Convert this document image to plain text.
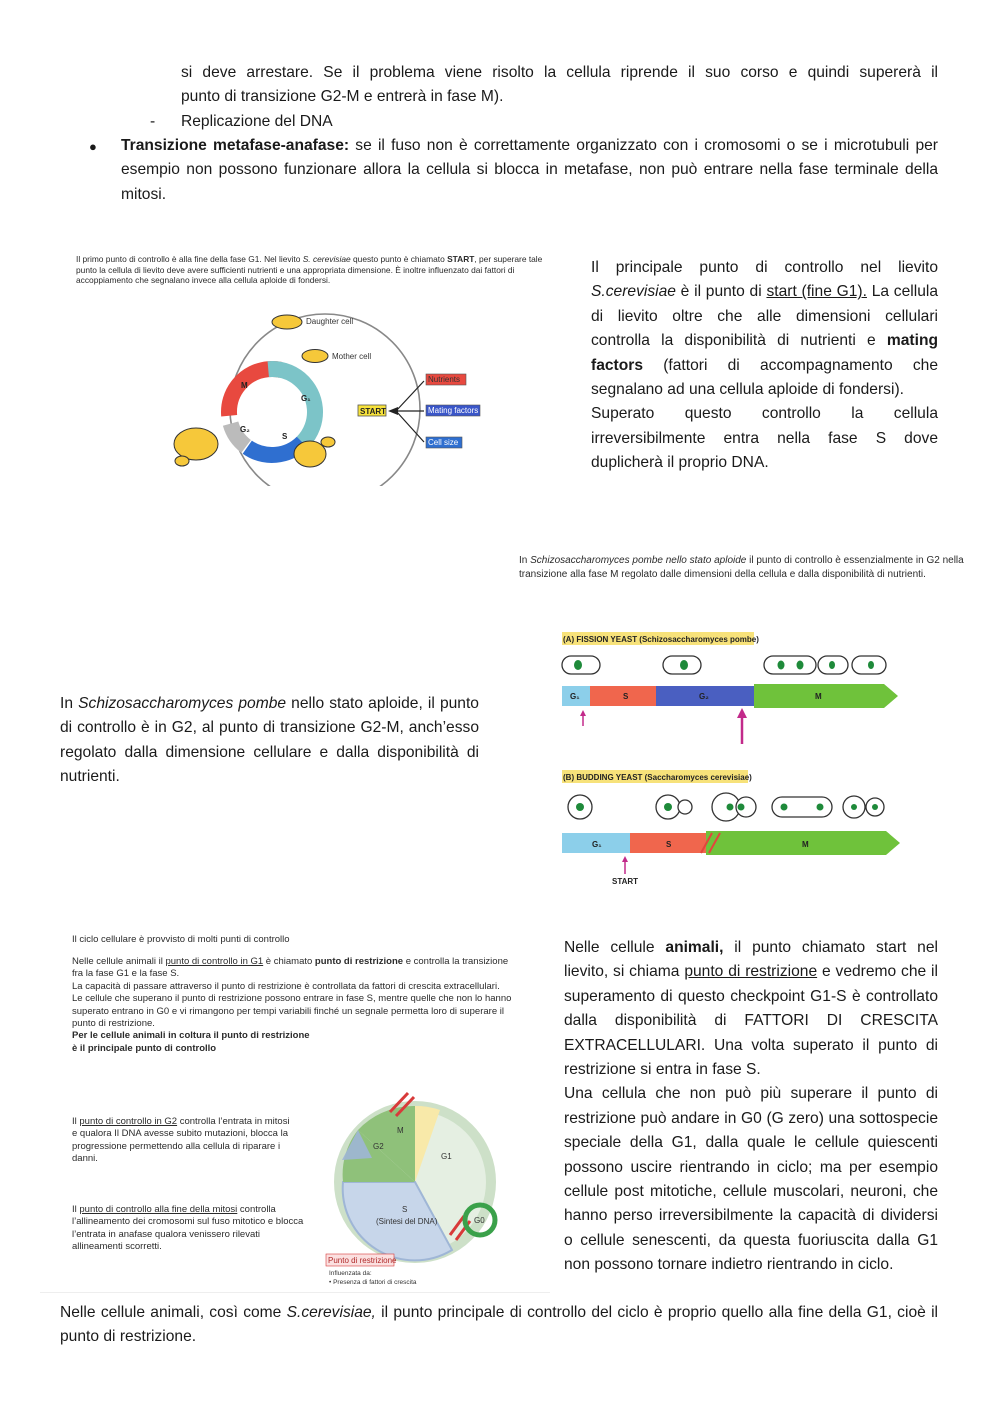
si deve arrestare. Se il problema viene risolto la cellula riprende il suo corso e quindi supererà il
punto di transizione G2-M e entrerà in fase M).
- Replicazione del DNA
● Transizione metafase-anafase: se il fuso non è correttamente organizzato con i cromosomi o se i microtubuli per esempio non possono funzionare allora la cellula si blocca in metafase, non può entrare nella fase terminale della mitosi.
Il primo punto di controllo è alla fine della fase G1. Nel lievito S. cerevisiae questo punto è chiamato START, per superare tale punto la cellula di lievito deve avere sufficienti nutrienti e una appropriata dimensione. È inoltre influenzato dai fattori di accoppiamento che segnalano invece alla cellula aploide di fondersi.
Daughter cell
Mother cell
M
G₁
S
G₂
START
Nutrients
Mating factors
Cell size
Il principale punto di controllo nel lievito S.cerevisiae è il punto di start (fine G1). La cellula di lievito oltre che alle dimensioni cellulari controlla la disponibilità di nutrienti e mating factors (fattori di accompagnamento che segnalano ad una cellula aploide di fondersi).
Superato questo controllo la cellula irreversibilmente entra nella fase S dove duplicherà il proprio DNA.
In Schizosaccharomyces pombe nello stato aploide il punto di controllo è essenzialmente in G2 nella transizione alla fase M regolato dalle dimensioni della cellula e dalla disponibilità di nutrienti.
(A) FISSION YEAST (Schizosaccharomyces pombe)
G₁	S	G₂	M
(B) BUDDING YEAST (Saccharomyces cerevisiae)
G₁	S	M
START
In Schizosaccharomyces pombe nello stato aploide, il punto di controllo è in G2, al punto di transizione G2-M, anch’esso regolato dalla dimensione cellulare e dalla disponibilità di nutrienti.
Il ciclo cellulare è provvisto di molti punti di controllo
Nelle cellule animali il punto di controllo in G1 è chiamato punto di restrizione e controlla la transizione fra la fase G1 e la fase S.
La capacità di passare attraverso il punto di restrizione è controllata da fattori di crescita extracellulari.
Le cellule che superano il punto di restrizione possono entrare in fase S, mentre quelle che non lo hanno superato entrano in G0 e vi rimangono per tempi variabili finché un segnale permetta loro di superare il punto di restrizione.
Per le cellule animali in coltura il punto di restrizione
è il principale punto di controllo
Il punto di controllo in G2 controlla l’entrata in mitosi e qualora Il DNA avesse subito mutazioni, blocca la progressione permettendo alla cellula di riparare i danni.
Il punto di controllo alla fine della mitosi controlla l’allineamento dei cromosomi sul fuso mitotico e blocca l’entrata in anafase qualora venissero rilevati allineamenti scorretti.
M
G2
G1
S
(Sintesi del DNA)	G0
Punto di restrizione
Influenzata da:
• Presenza di fattori di crescita
Nelle cellule animali, il punto chiamato start nel lievito, si chiama punto di restrizione e vedremo che il superamento di questo checkpoint G1-S è controllato dalla disponibilità di FATTORI DI CRESCITA EXTRACELLULARI. Una volta superato il punto di restrizione si entra in fase S.
Una cellula che non può più superare il punto di restrizione può andare in G0 (G zero) una sottospecie speciale della G1, dalla quale le cellule quiescenti possono uscire rientrando in ciclo; ma per esempio cellule post mitotiche, cellule muscolari, neuroni, che hanno perso irreversibilmente la capacità di dividersi o cellule senescenti, da questa fuoriuscita dalla G1 non possono tornare indietro rientrando in ciclo.
Nelle cellule animali, così come S.cerevisiae, il punto principale di controllo del ciclo è proprio quello alla fine della G1, cioè il punto di restrizione.
